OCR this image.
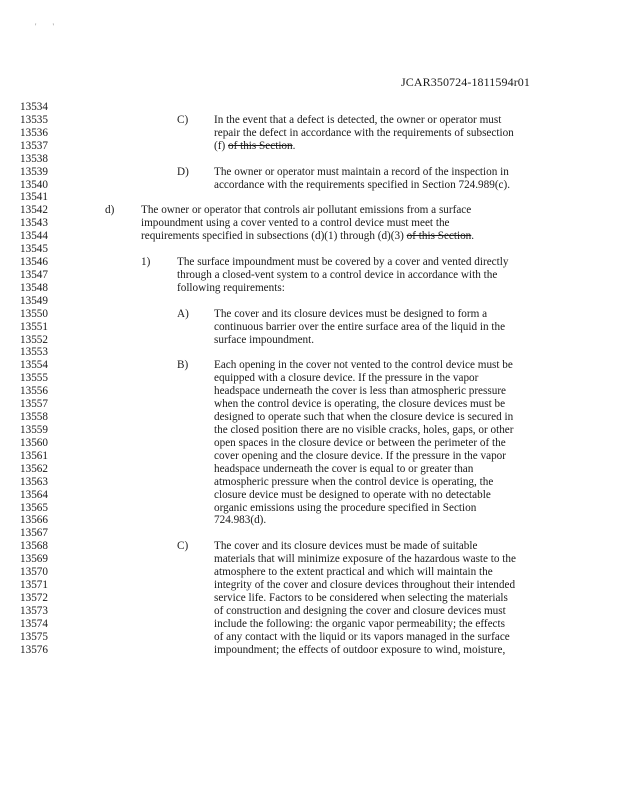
'        '
JCAR350724-1811594r01
13534
13535
13536
13537
13538
13539
13540
13541
13542
13543
13544
13545
13546
13547
13548
13549
13550
13551
13552
13553
13554
13555
13556
13557
13558
13559
13560
13561
13562
13563
13564
13565
13566
13567
13568
13569
13570
13571
13572
13573
13574
13575
13576
C) In the event that a defect is detected, the owner or operator must
repair the defect in accordance with the requirements of subsection
(f) of this Section.
D) The owner or operator must maintain a record of the inspection in
accordance with the requirements specified in Section 724.989(c).
d) The owner or operator that controls air pollutant emissions from a surface
impoundment using a cover vented to a control device must meet the
requirements specified in subsections (d)(1) through (d)(3) of this Section.
1) The surface impoundment must be covered by a cover and vented directly
through a closed-vent system to a control device in accordance with the
following requirements:
A) The cover and its closure devices must be designed to form a
continuous barrier over the entire surface area of the liquid in the
surface impoundment.
B) Each opening in the cover not vented to the control device must be
equipped with a closure device. If the pressure in the vapor
headspace underneath the cover is less than atmospheric pressure
when the control device is operating, the closure devices must be
designed to operate such that when the closure device is secured in
the closed position there are no visible cracks, holes, gaps, or other
open spaces in the closure device or between the perimeter of the
cover opening and the closure device. If the pressure in the vapor
headspace underneath the cover is equal to or greater than
atmospheric pressure when the control device is operating, the
closure device must be designed to operate with no detectable
organic emissions using the procedure specified in Section
724.983(d).
C) The cover and its closure devices must be made of suitable
materials that will minimize exposure of the hazardous waste to the
atmosphere to the extent practical and which will maintain the
integrity of the cover and closure devices throughout their intended
service life. Factors to be considered when selecting the materials
of construction and designing the cover and closure devices must
include the following: the organic vapor permeability; the effects
of any contact with the liquid or its vapors managed in the surface
impoundment; the effects of outdoor exposure to wind, moisture,
